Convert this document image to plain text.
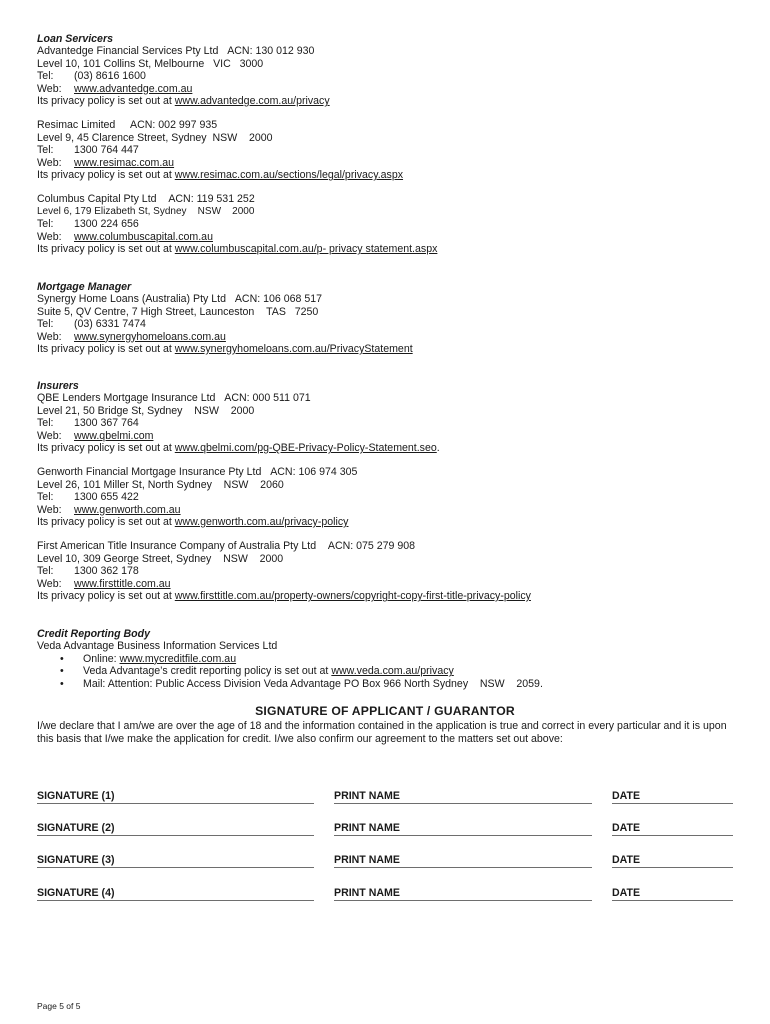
Loan Servicers
Advantedge Financial Services Pty Ltd ACN: 130 012 930
Level 10, 101 Collins St, Melbourne VIC 3000
Tel: (03) 8616 1600
Web: www.advantedge.com.au
Its privacy policy is set out at www.advantedge.com.au/privacy
Resimac Limited ACN: 002 997 935
Level 9, 45 Clarence Street, Sydney NSW 2000
Tel: 1300 764 447
Web: www.resimac.com.au
Its privacy policy is set out at www.resimac.com.au/sections/legal/privacy.aspx
Columbus Capital Pty Ltd ACN: 119 531 252
Level 6, 179 Elizabeth St, Sydney NSW 2000
Tel: 1300 224 656
Web: www.columbuscapital.com.au
Its privacy policy is set out at www.columbuscapital.com.au/p- privacy statement.aspx
Mortgage Manager
Synergy Home Loans (Australia) Pty Ltd ACN: 106 068 517
Suite 5, QV Centre, 7 High Street, Launceston TAS 7250
Tel: (03) 6331 7474
Web: www.synergyhomeloans.com.au
Its privacy policy is set out at www.synergyhomeloans.com.au/PrivacyStatement
Insurers
QBE Lenders Mortgage Insurance Ltd ACN: 000 511 071
Level 21, 50 Bridge St, Sydney NSW 2000
Tel: 1300 367 764
Web: www.qbelmi.com
Its privacy policy is set out at www.qbelmi.com/pg-QBE-Privacy-Policy-Statement.seo.
Genworth Financial Mortgage Insurance Pty Ltd ACN: 106 974 305
Level 26, 101 Miller St, North Sydney NSW 2060
Tel: 1300 655 422
Web: www.genworth.com.au
Its privacy policy is set out at www.genworth.com.au/privacy-policy
First American Title Insurance Company of Australia Pty Ltd ACN: 075 279 908
Level 10, 309 George Street, Sydney NSW 2000
Tel: 1300 362 178
Web: www.firsttitle.com.au
Its privacy policy is set out at www.firsttitle.com.au/property-owners/copyright-copy-first-title-privacy-policy
Credit Reporting Body
Veda Advantage Business Information Services Ltd
• Online: www.mycreditfile.com.au
• Veda Advantage’s credit reporting policy is set out at www.veda.com.au/privacy
• Mail: Attention: Public Access Division Veda Advantage PO Box 966 North Sydney    NSW    2059.
SIGNATURE OF APPLICANT / GUARANTOR
I/we declare that I am/we are over the age of 18 and the information contained in the application is true and correct in every particular and it is upon this basis that I/we make the application for credit. I/we also confirm our agreement to the matters set out above:
SIGNATURE (1)	PRINT NAME	DATE
SIGNATURE (2)	PRINT NAME	DATE
SIGNATURE (3)	PRINT NAME	DATE
SIGNATURE (4)	PRINT NAME	DATE
Page 5 of 5
